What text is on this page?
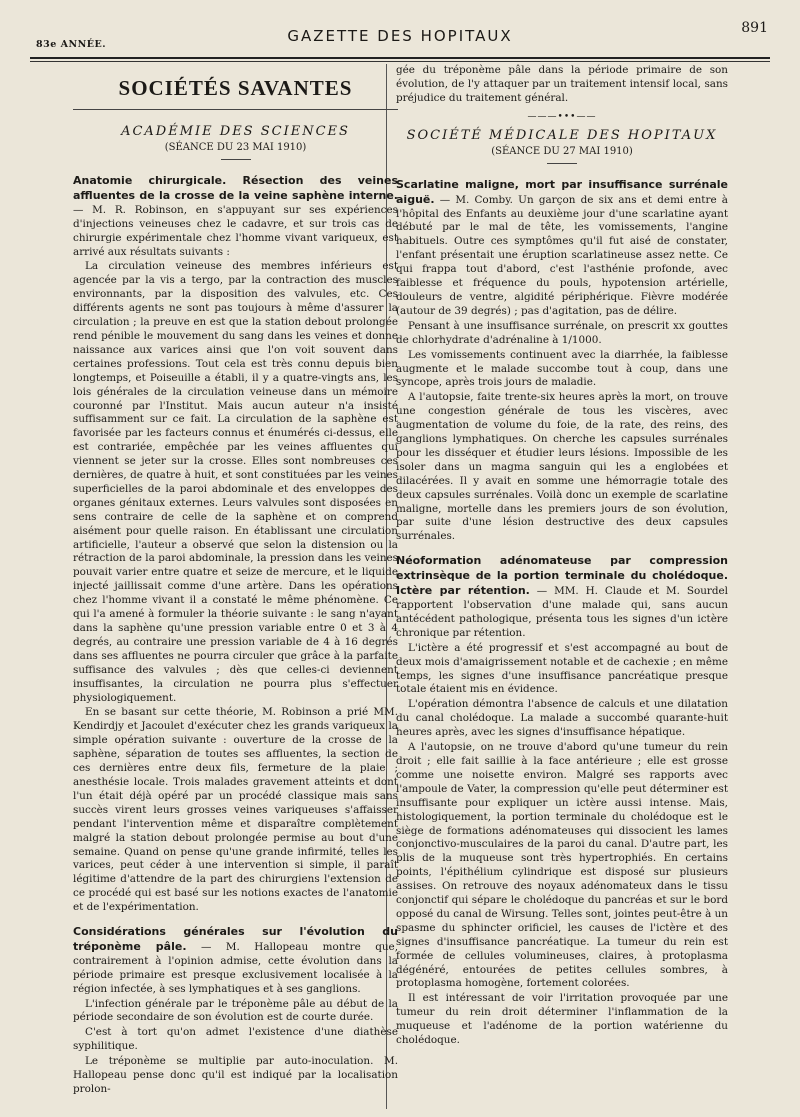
83e ANNÉE.	GAZETTE DES HOPITAUX	891
SOCIÉTÉS SAVANTES
ACADÉMIE DES SCIENCES
(SÉANCE DU 23 MAI 1910)

Anatomie chirurgicale. Résection des veines affluentes de la crosse de la veine saphène interne. — M. R. Robinson, en s'appuyant sur ses expériences d'injections veineuses chez le cadavre, et sur trois cas de chirurgie expérimentale chez l'homme vivant variqueux, est arrivé aux résultats suivants :

La circulation veineuse des membres inférieurs est agencée par la vis a tergo, par la contraction des muscles environnants, par la disposition des valvules, etc. Ces différents agents ne sont pas toujours à même d'assurer la circulation ; la preuve en est que la station debout prolongée rend pénible le mouvement du sang dans les veines et donne naissance aux varices ainsi que l'on voit souvent dans certaines professions. Tout cela est très connu depuis bien longtemps, et Poiseuille a établi, il y a quatre-vingts ans, les lois générales de la circulation veineuse dans un mémoire couronné par l'Institut. Mais aucun auteur n'a insisté suffisamment sur ce fait. La circulation de la saphène est favorisée par les facteurs connus et énumérés ci-dessus, elle est contrariée, empêchée par les veines affluentes qui viennent se jeter sur la crosse. Elles sont nombreuses ces dernières, de quatre à huit, et sont constituées par les veines superficielles de la paroi abdominale et des enveloppes des organes génitaux externes. Leurs valvules sont disposées en sens contraire de celle de la saphène et on comprend aisément pour quelle raison. En établissant une circulation artificielle, l'auteur a observé que selon la distension ou la rétraction de la paroi abdominale, la pression dans les veines pouvait varier entre quatre et seize de mercure, et le liquide injecté jaillissait comme d'une artère. Dans les opérations chez l'homme vivant il a constaté le même phénomène. Ce qui l'a amené à formuler la théorie suivante : le sang n'ayant dans la saphène qu'une pression variable entre 0 et 3 à 4 degrés, au contraire une pression variable de 4 à 16 degrés dans ses affluentes ne pourra circuler que grâce à la parfaite suffisance des valvules ; dès que celles-ci deviennent insuffisantes, la circulation ne pourra plus s'effectuer physiologiquement.

En se basant sur cette théorie, M. Robinson a prié MM. Kendirdjy et Jacoulet d'exécuter chez les grands variqueux la simple opération suivante : ouverture de la crosse de la saphène, séparation de toutes ses affluentes, la section de ces dernières entre deux fils, fermeture de la plaie ; anesthésie locale. Trois malades gravement atteints et dont l'un était déjà opéré par un procédé classique mais sans succès virent leurs grosses veines variqueuses s'affaisser pendant l'intervention même et disparaître complètement malgré la station debout prolongée permise au bout d'une semaine. Quand on pense qu'une grande infirmité, telles les varices, peut céder à une intervention si simple, il paraît légitime d'attendre de la part des chirurgiens l'extension de ce procédé qui est basé sur les notions exactes de l'anatomie et de l'expérimentation.

Considérations générales sur l'évolution du tréponème pâle. — M. Hallopeau montre que, contrairement à l'opinion admise, cette évolution dans la période primaire est presque exclusivement localisée à la région infectée, à ses lymphatiques et à ses ganglions.

L'infection générale par le tréponème pâle au début de la période secondaire de son évolution est de courte durée.

C'est à tort qu'on admet l'existence d'une diathèse syphilitique.

Le tréponème se multiplie par auto-inoculation. M. Hallopeau pense donc qu'il est indiqué par la localisation prolon-

gée du tréponème pâle dans la période primaire de son évolution, de l'y attaquer par un traitement intensif local, sans préjudice du traitement général.

———•••——
SOCIÉTÉ MÉDICALE DES HOPITAUX
(SÉANCE DU 27 MAI 1910)

Scarlatine maligne, mort par insuffisance surrénale aiguë. — M. Comby. Un garçon de six ans et demi entre à l'hôpital des Enfants au deuxième jour d'une scarlatine ayant débuté par le mal de tête, les vomissements, l'angine habituels. Outre ces symptômes qu'il fut aisé de constater, l'enfant présentait une éruption scarlatineuse assez nette. Ce qui frappa tout d'abord, c'est l'asthénie profonde, avec faiblesse et fréquence du pouls, hypotension artérielle, douleurs de ventre, algidité périphérique. Fièvre modérée (autour de 39 degrés) ; pas d'agitation, pas de délire.

Pensant à une insuffisance surrénale, on prescrit xx gouttes de chlorhydrate d'adrénaline à 1/1000.

Les vomissements continuent avec la diarrhée, la faiblesse augmente et le malade succombe tout à coup, dans une syncope, après trois jours de maladie.

A l'autopsie, faite trente-six heures après la mort, on trouve une congestion générale de tous les viscères, avec augmentation de volume du foie, de la rate, des reins, des ganglions lymphatiques. On cherche les capsules surrénales pour les disséquer et étudier leurs lésions. Impossible de les isoler dans un magma sanguin qui les a englobées et dilacérées. Il y avait en somme une hémorragie totale des deux capsules surrénales. Voilà donc un exemple de scarlatine maligne, mortelle dans les premiers jours de son évolution, par suite d'une lésion destructive des deux capsules surrénales.

Néoformation adénomateuse par compression extrinsèque de la portion terminale du cholédoque. Ictère par rétention. — MM. H. Claude et M. Sourdel rapportent l'observation d'une malade qui, sans aucun antécédent pathologique, présenta tous les signes d'un ictère chronique par rétention.

L'ictère a été progressif et s'est accompagné au bout de deux mois d'amaigrissement notable et de cachexie ; en même temps, les signes d'une insuffisance pancréatique presque totale étaient mis en évidence.

L'opération démontra l'absence de calculs et une dilatation du canal cholédoque. La malade a succombé quarante-huit heures après, avec les signes d'insuffisance hépatique.

A l'autopsie, on ne trouve d'abord qu'une tumeur du rein droit ; elle fait saillie à la face antérieure ; elle est grosse comme une noisette environ. Malgré ses rapports avec l'ampoule de Vater, la compression qu'elle peut déterminer est insuffisante pour expliquer un ictère aussi intense. Mais, histologiquement, la portion terminale du cholédoque est le siège de formations adénomateuses qui dissocient les lames conjonctivo-musculaires de la paroi du canal. D'autre part, les plis de la muqueuse sont très hypertrophiés. En certains points, l'épithélium cylindrique est disposé sur plusieurs assises. On retrouve des noyaux adénomateux dans le tissu conjonctif qui sépare le cholédoque du pancréas et sur le bord opposé du canal de Wirsung. Telles sont, jointes peut-être à un spasme du sphincter orificiel, les causes de l'ictère et des signes d'insuffisance pancréatique. La tumeur du rein est formée de cellules volumineuses, claires, à protoplasma dégénéré, entourées de petites cellules sombres, à protoplasma homogène, fortement colorées.

Il est intéressant de voir l'irritation provoquée par une tumeur du rein droit déterminer l'inflammation de la muqueuse et l'adénome de la portion watérienne du cholédoque.
